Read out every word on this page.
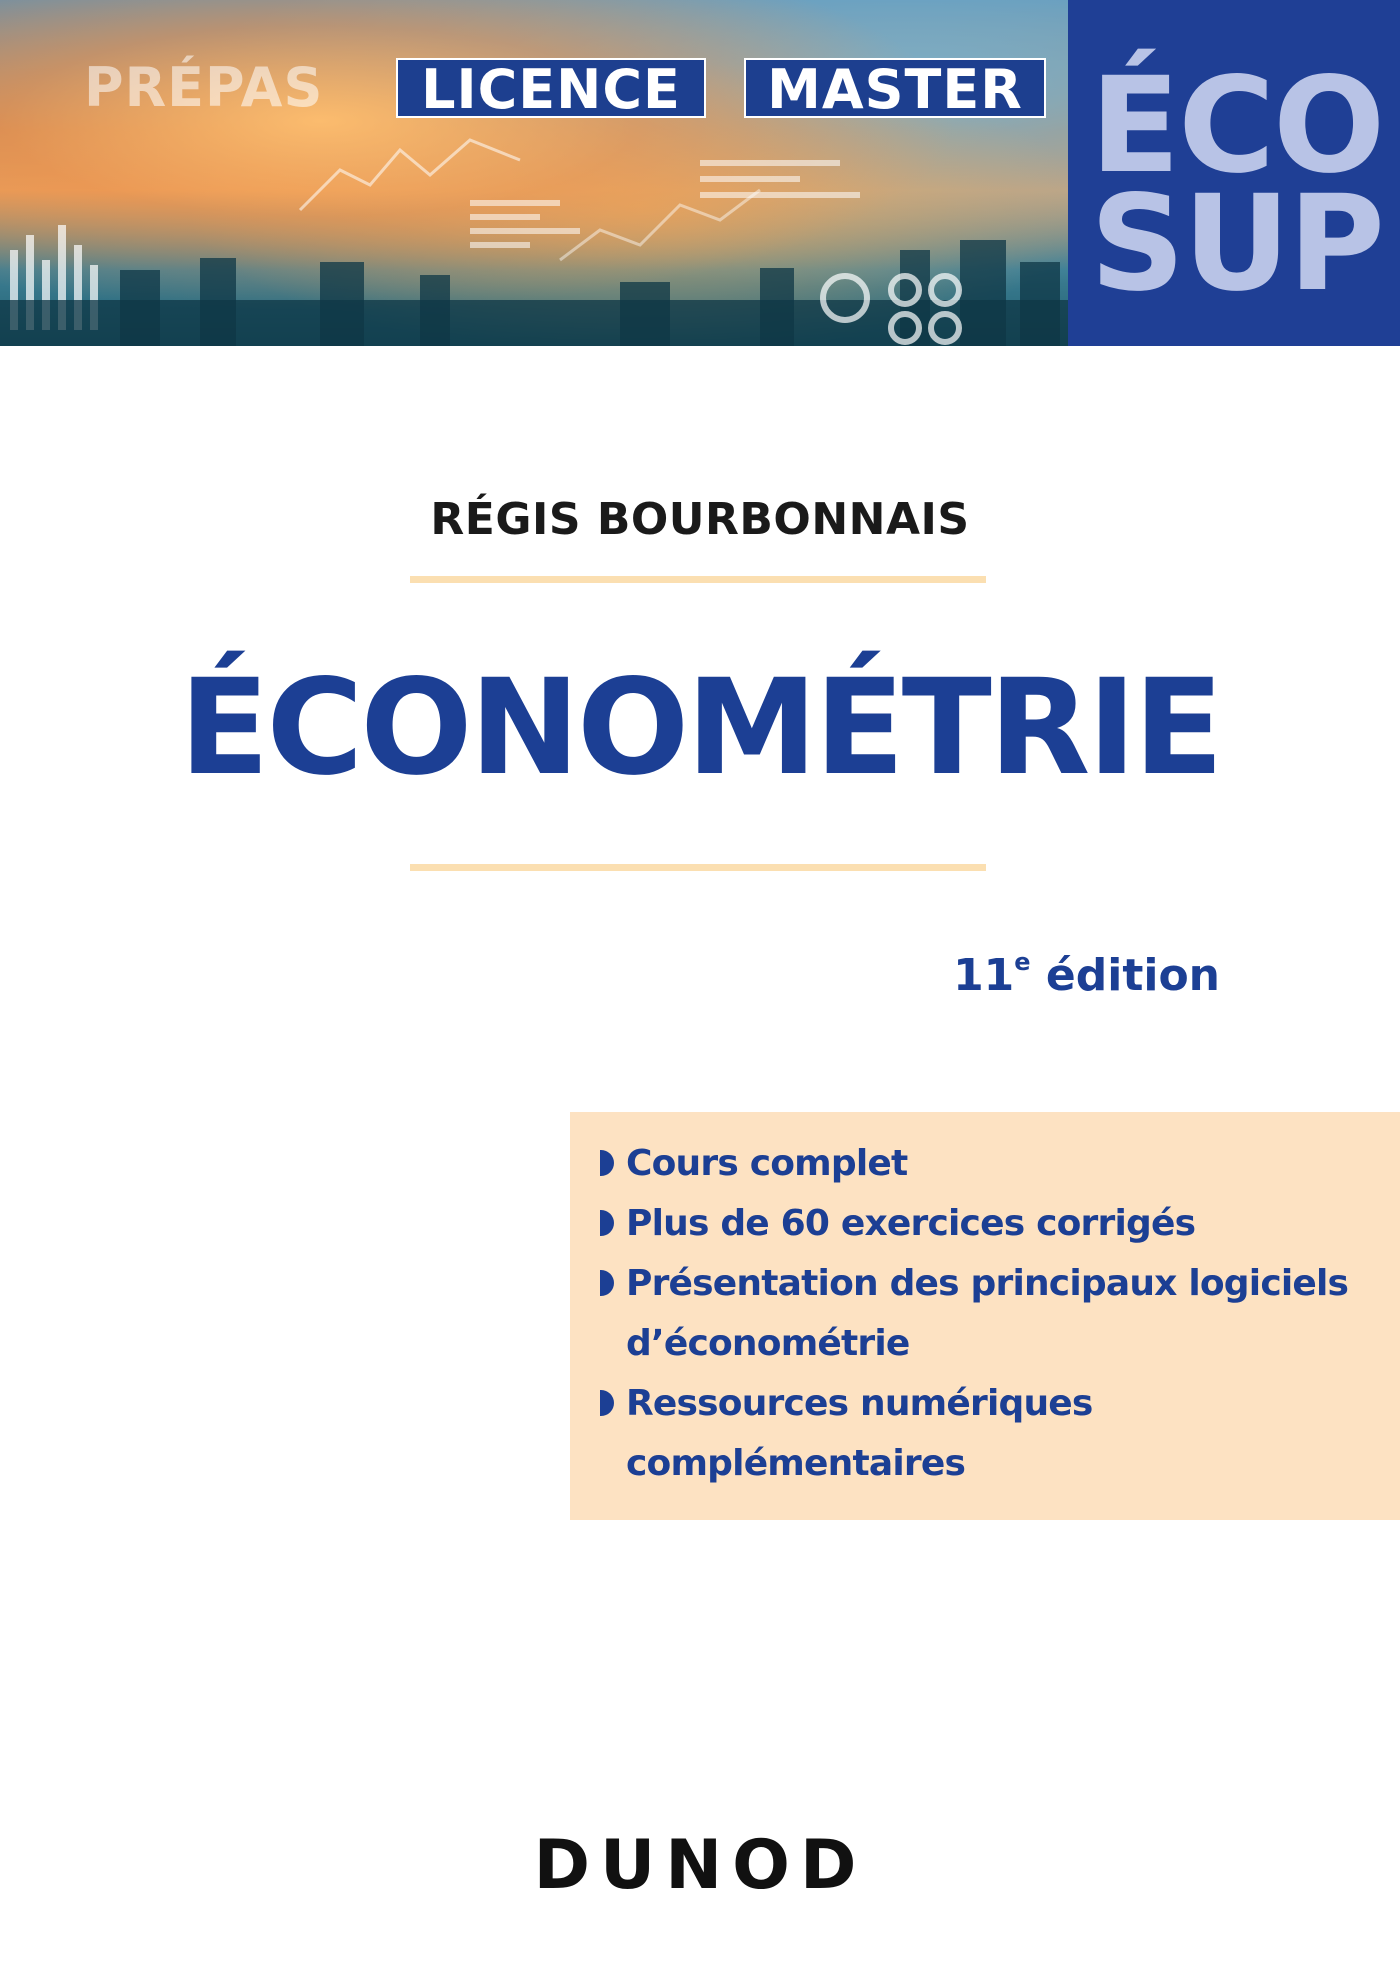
PRÉPAS	LICENCE	MASTER ÉCO
SUP
RÉGIS BOURBONNAIS
ÉCONOMÉTRIE
11e édition
Cours complet
Plus de 60 exercices corrigés
Présentation des principaux logiciels d’économétrie
Ressources numériques complémentaires
DUNOD
